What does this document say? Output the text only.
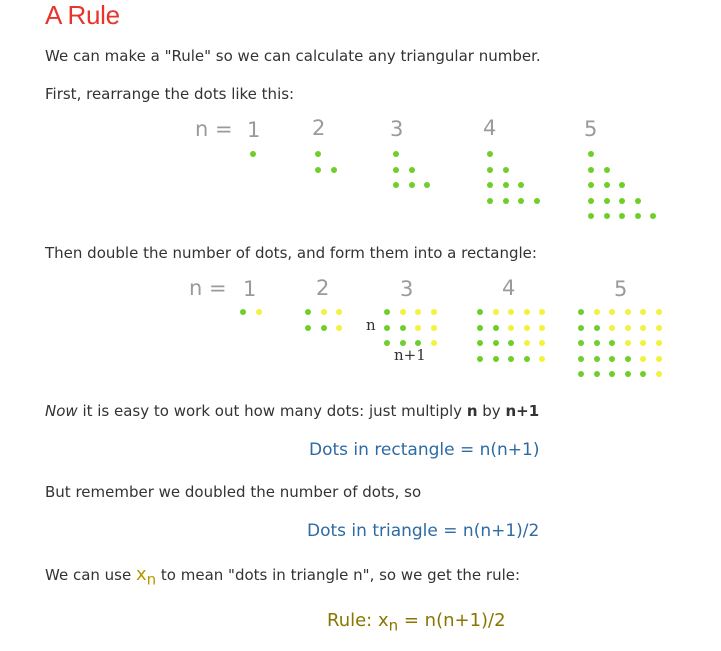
A Rule
We can make a "Rule" so we can calculate any triangular number.
First, rearrange the dots like this:
n = 1 2	3	4	5
Then double the number of dots, and form them into a rectangle:
n = 1	2	3	4	5
n
n+1
Now it is easy to work out how many dots: just multiply n by n+1
Dots in rectangle = n(n+1)
But remember we doubled the number of dots, so
Dots in triangle = n(n+1)/2
We can use $x_n$ to mean "dots in triangle n", so we get the rule:
Rule: $x_n = n(n+1)/2$
